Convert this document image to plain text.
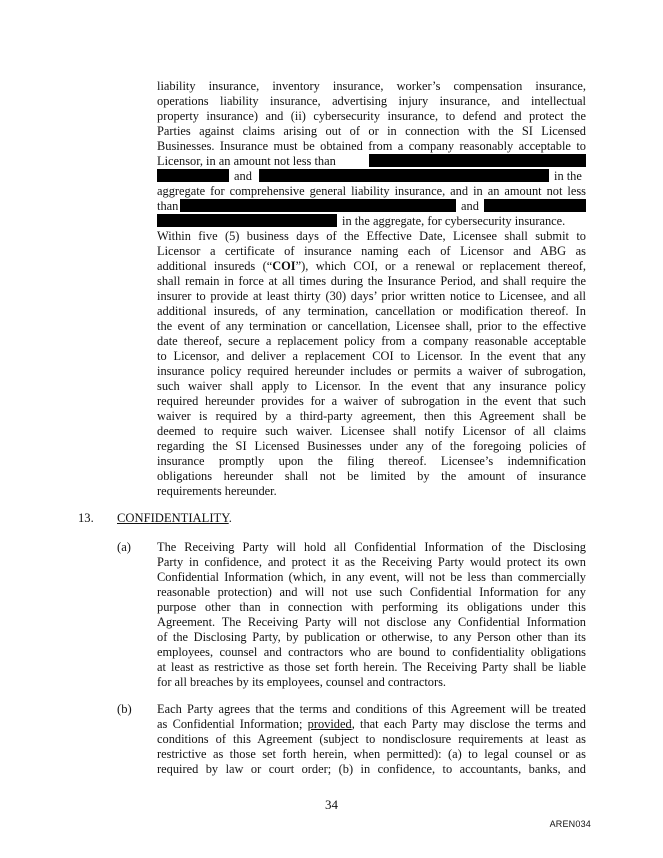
liability insurance, inventory insurance, worker’s compensation insurance,
operations liability insurance, advertising injury insurance, and intellectual
property insurance) and (ii) cybersecurity insurance, to defend and protect the
Parties against claims arising out of or in connection with the SI Licensed
Businesses. Insurance must be obtained from a company reasonably acceptable to
Licensor, in an amount not less than
and	in the
aggregate for comprehensive general liability insurance, and in an amount not less
than	and
in the aggregate, for cybersecurity insurance.
Within five (5) business days of the Effective Date, Licensee shall submit to
Licensor a certificate of insurance naming each of Licensor and ABG as
additional insureds (“COI”), which COI, or a renewal or replacement thereof,
shall remain in force at all times during the Insurance Period, and shall require the
insurer to provide at least thirty (30) days’ prior written notice to Licensee, and all
additional insureds, of any termination, cancellation or modification thereof. In
the event of any termination or cancellation, Licensee shall, prior to the effective
date thereof, secure a replacement policy from a company reasonable acceptable
to Licensor, and deliver a replacement COI to Licensor. In the event that any
insurance policy required hereunder includes or permits a waiver of subrogation,
such waiver shall apply to Licensor. In the event that any insurance policy
required hereunder provides for a waiver of subrogation in the event that such
waiver is required by a third-party agreement, then this Agreement shall be
deemed to require such waiver. Licensee shall notify Licensor of all claims
regarding the SI Licensed Businesses under any of the foregoing policies of
insurance promptly upon the filing thereof. Licensee’s indemnification
obligations hereunder shall not be limited by the amount of insurance
requirements hereunder.
13. CONFIDENTIALITY.
(a) The Receiving Party will hold all Confidential Information of the Disclosing
Party in confidence, and protect it as the Receiving Party would protect its own
Confidential Information (which, in any event, will not be less than commercially
reasonable protection) and will not use such Confidential Information for any
purpose other than in connection with performing its obligations under this
Agreement. The Receiving Party will not disclose any Confidential Information
of the Disclosing Party, by publication or otherwise, to any Person other than its
employees, counsel and contractors who are bound to confidentiality obligations
at least as restrictive as those set forth herein. The Receiving Party shall be liable
for all breaches by its employees, counsel and contractors.
(b) Each Party agrees that the terms and conditions of this Agreement will be treated
as Confidential Information; provided, that each Party may disclose the terms and
conditions of this Agreement (subject to nondisclosure requirements at least as
restrictive as those set forth herein, when permitted): (a) to legal counsel or as
required by law or court order; (b) in confidence, to accountants, banks, and
34
AREN034
